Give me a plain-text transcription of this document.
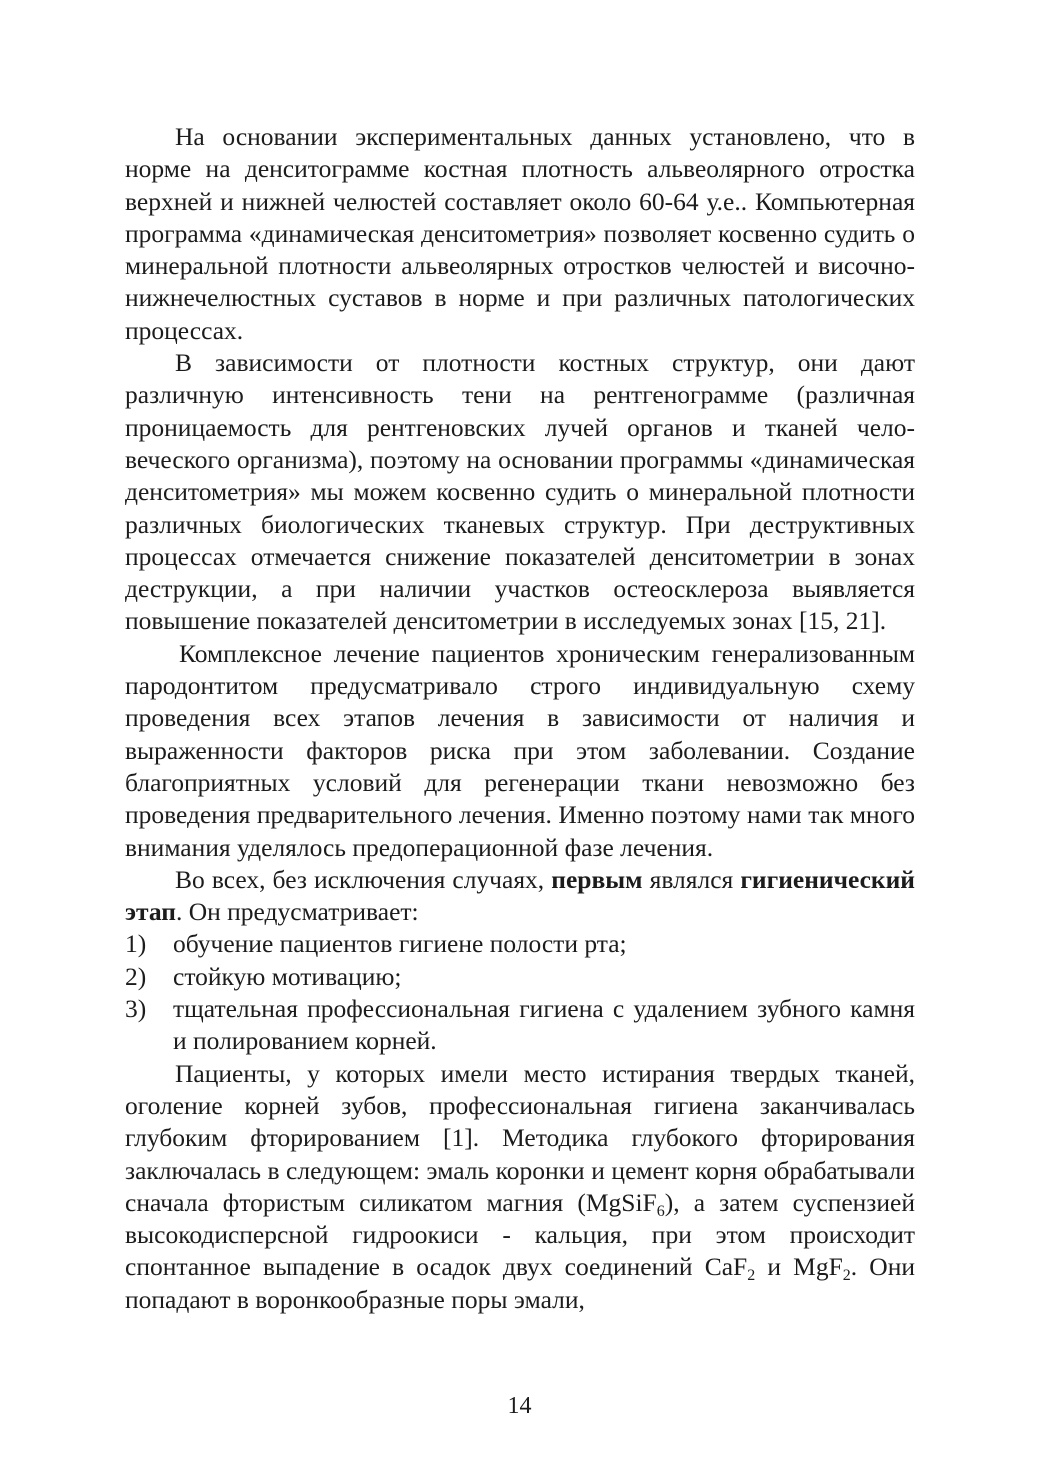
На основании экспериментальных данных установлено, что в норме на денситограмме костная плотность альвеолярного отростка верхней и нижней челюстей составляет около 60-64 у.е.. Компьютерная программа «динамическая денситометрия» позволяет косвенно судить о минеральной плотности альвеолярных отростков челюстей и височно-нижнечелюстных суставов в норме и при различных патологических процессах.

В зависимости от плотности костных структур, они дают различную интенсивность тени на рентгенограмме (различная проницаемость для рентгеновских лучей органов и тканей человеческого организма), поэтому на основании программы «динамическая денситометрия» мы можем косвенно судить о минеральной плотности различных биологических тканевых структур. При деструктивных процессах отмечается снижение показателей денситометрии в зонах деструкции, а при наличии участков остеосклероза выявляется повышение показателей денситометрии в исследуемых зонах [15, 21].

Комплексное лечение пациентов хроническим генерализованным пародонтитом предусматривало строго индивидуальную схему проведения всех этапов лечения в зависимости от наличия и выраженности факторов риска при этом заболевании. Создание благоприятных условий для регенерации ткани невозможно без проведения предварительного лечения. Именно поэтому нами так много внимания уделялось предоперационной фазе лечения.

Во всех, без исключения случаях, первым являлся гигиенический этап. Он предусматривает:

1) обучение пациентов гигиене полости рта;
2) стойкую мотивацию;
3) тщательная профессиональная гигиена с удалением зубного камня и полированием корней.

Пациенты, у которых имели место истирания твердых тканей, оголение корней зубов, профессиональная гигиена заканчивалась глубоким фторированием [1]. Методика глубокого фторирования заключалась в следующем: эмаль коронки и цемент корня обрабатывали сначала фтористым силикатом магния (MgSiF$_6$), а затем суспензией высокодисперсной гидроокиси - кальция, при этом происходит спонтанное выпадение в осадок двух соединений CaF$_2$ и MgF$_2$. Они попадают в воронкообразные поры эмали,

14
